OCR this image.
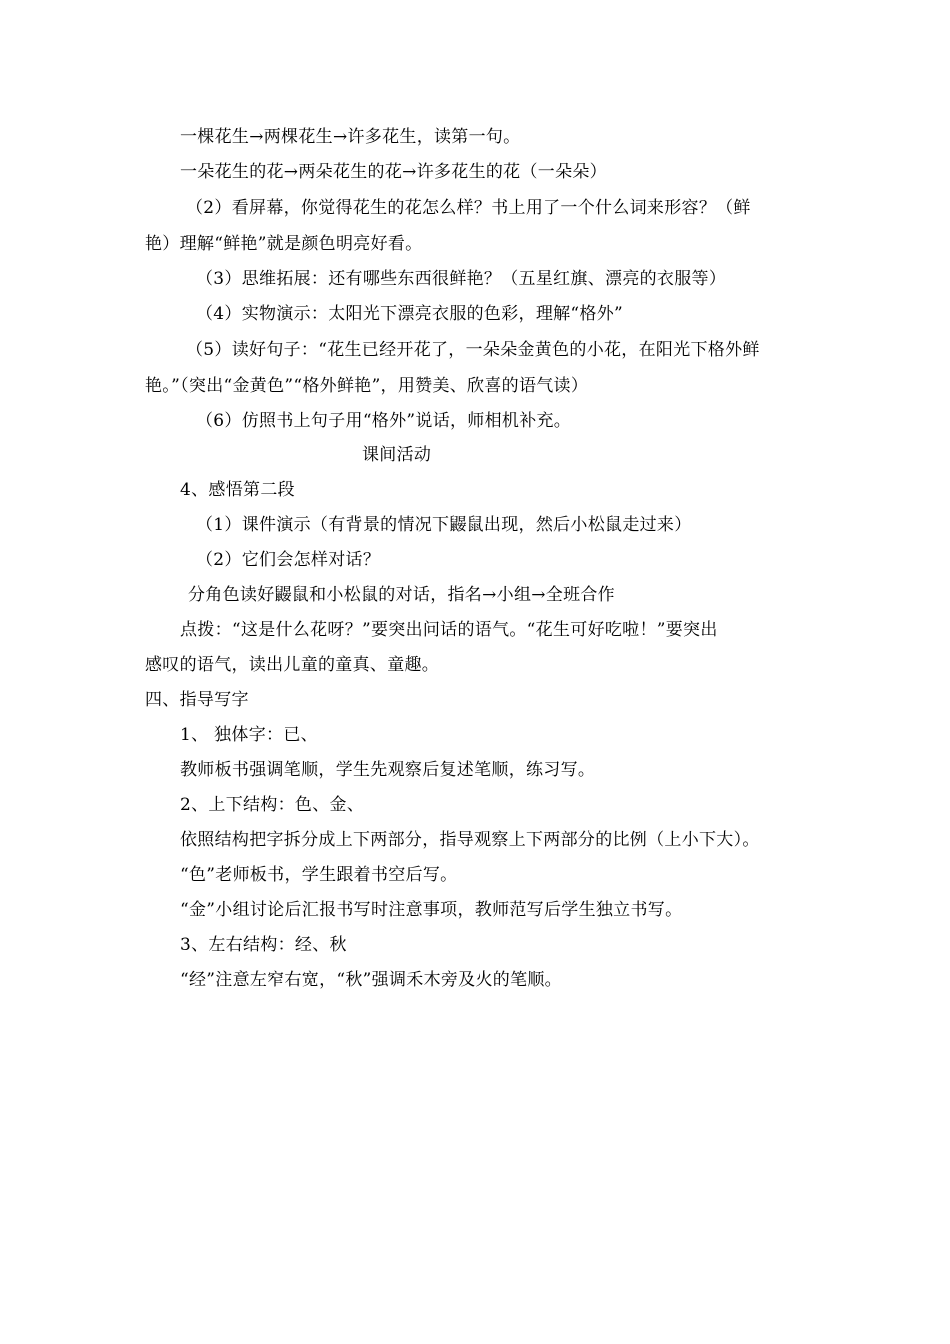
一棵花生→两棵花生→许多花生，读第一句。
一朵花生的花→两朵花生的花→许多花生的花（一朵朵）
（2）看屏幕，你觉得花生的花怎么样？书上用了一个什么词来形容？（鲜
艳）理解“鲜艳”就是颜色明亮好看。
（3）思维拓展：还有哪些东西很鲜艳？（五星红旗、漂亮的衣服等）
（4）实物演示：太阳光下漂亮衣服的色彩，理解“格外”
（5）读好句子：“花生已经开花了，一朵朵金黄色的小花，在阳光下格外鲜
艳。”（突出“金黄色”“格外鲜艳”，用赞美、欣喜的语气读）
（6）仿照书上句子用“格外”说话，师相机补充。
课间活动
4、感悟第二段
（1）课件演示（有背景的情况下鼹鼠出现，然后小松鼠走过来）
（2）它们会怎样对话？
分角色读好鼹鼠和小松鼠的对话，指名→小组→全班合作
点拨：“这是什么花呀？”要突出问话的语气。“花生可好吃啦！”要突出
感叹的语气，读出儿童的童真、童趣。
四、指导写字
1、 独体字：已、
教师板书强调笔顺，学生先观察后复述笔顺，练习写。
2、上下结构：色、金、
依照结构把字拆分成上下两部分，指导观察上下两部分的比例（上小下大）。
“色”老师板书，学生跟着书空后写。
“金”小组讨论后汇报书写时注意事项，教师范写后学生独立书写。
3、左右结构：经、秋
“经”注意左窄右宽，“秋”强调禾木旁及火的笔顺。
